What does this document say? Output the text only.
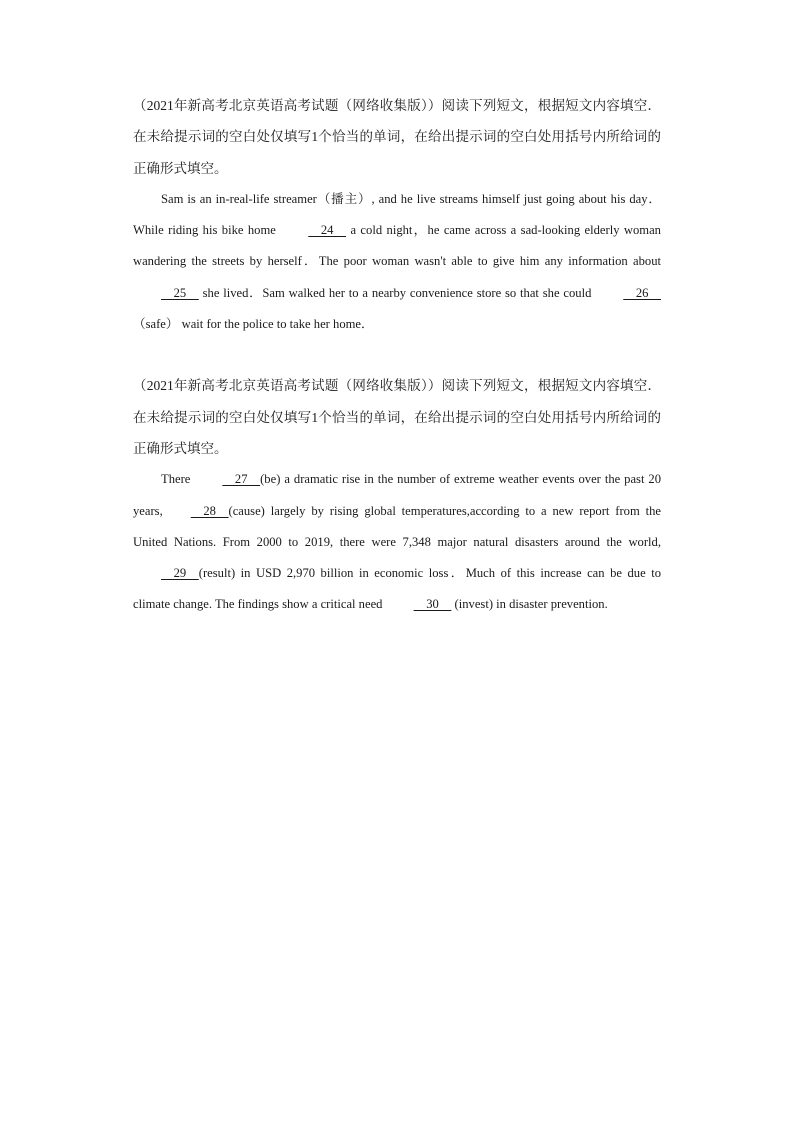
（2021年新高考北京英语高考试题（网络收集版））阅读下列短文，根据短文内容填空．在未给提示词的空白处仅填写1个恰当的单词，在给出提示词的空白处用括号内所给词的正确形式填空。

Sam is an in-real-life streamer（播主）, and he live streams himself just going about his day．While riding his bike home     24     a cold night，he came across a sad-looking elderly woman wandering the streets by herself．The poor woman wasn't able to give him any information about     25     she lived．Sam walked her to a nearby convenience store so that she could     26    （safe） wait for the police to take her home．

（2021年新高考北京英语高考试题（网络收集版））阅读下列短文，根据短文内容填空．在未给提示词的空白处仅填写1个恰当的单词，在给出提示词的空白处用括号内所给词的正确形式填空。

There     27    (be) a dramatic rise in the number of extreme weather events over the past 20 years,    28    (cause) largely by rising global temperatures,according to a new report from the United Nations. From 2000 to 2019, there were 7,348 major natural disasters around the world,    29    (result) in USD 2,970 billion in economic loss．Much of this increase can be due to climate change. The findings show a critical need     30     (invest) in disaster prevention.
